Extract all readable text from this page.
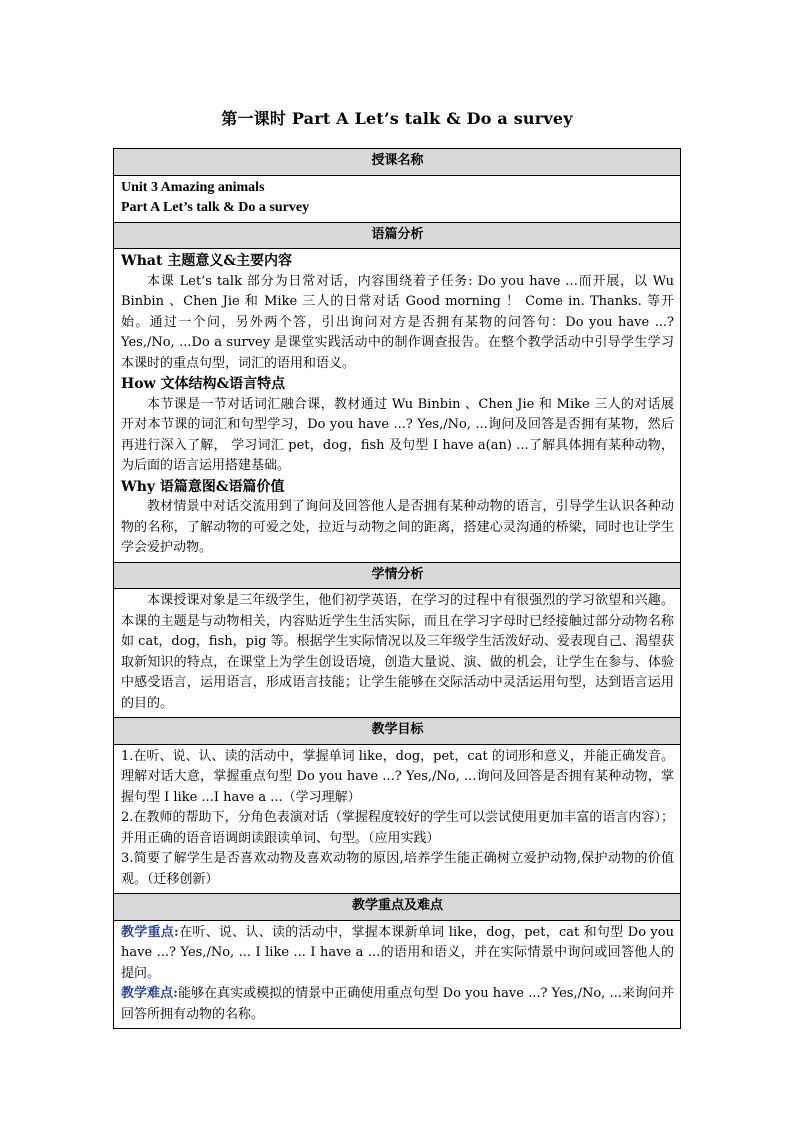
第一课时 Part A Let’s talk & Do a survey
授课名称

Unit 3 Amazing animals
Part A Let’s talk & Do a survey

语篇分析

What 主题意义&主要内容
本课 Let’s talk 部分为日常对话，内容围绕着子任务: Do you have ...而开展，以 Wu Binbin 、Chen Jie 和 Mike 三人的日常对话 Good morning ！ Come in. Thanks. 等开始。通过一个问，另外两个答，引出询问对方是否拥有某物的问答句：Do you have ...? Yes,/No, ...Do a survey 是课堂实践活动中的制作调查报告。在整个教学活动中引导学生学习本课时的重点句型，词汇的语用和语义。
How 文体结构&语言特点
本节课是一节对话词汇融合课，教材通过 Wu Binbin 、Chen Jie 和 Mike 三人的对话展开对本节课的词汇和句型学习，Do you have ...? Yes,/No, ...询问及回答是否拥有某物，然后再进行深入了解， 学习词汇 pet，dog，fish 及句型 I have a(an) ...了解具体拥有某种动物，为后面的语言运用搭建基础。
Why 语篇意图&语篇价值
教材情景中对话交流用到了询问及回答他人是否拥有某种动物的语言，引导学生认识各种动物的名称，了解动物的可爱之处，拉近与动物之间的距离，搭建心灵沟通的桥梁，同时也让学生学会爱护动物。

学情分析

本课授课对象是三年级学生，他们初学英语，在学习的过程中有很强烈的学习欲望和兴趣。本课的主题是与动物相关，内容贴近学生生活实际，而且在学习字母时已经接触过部分动物名称如 cat，dog，fish，pig 等。根据学生实际情况以及三年级学生活泼好动、爱表现自己、渴望获取新知识的特点，在课堂上为学生创设语境，创造大量说、演、做的机会，让学生在参与、体验中感受语言，运用语言，形成语言技能；让学生能够在交际活动中灵活运用句型，达到语言运用的目的。

教学目标

1.在听、说、认、读的活动中，掌握单词 like，dog，pet，cat 的词形和意义，并能正确发音。理解对话大意，掌握重点句型 Do you have ...? Yes,/No, ...询问及回答是否拥有某种动物，掌握句型 I like ...I have a ...（学习理解）
2.在教师的帮助下，分角色表演对话（掌握程度较好的学生可以尝试使用更加丰富的语言内容）；并用正确的语音语调朗读跟读单词、句型。（应用实践）
3.简要了解学生是否喜欢动物及喜欢动物的原因,培养学生能正确树立爱护动物,保护动物的价值观。（迁移创新）

教学重点及难点

教学重点:在听、说、认、读的活动中，掌握本课新单词 like，dog，pet，cat 和句型 Do you have ...? Yes,/No, ... I like ... I have a ...的语用和语义，并在实际情景中询问或回答他人的提问。
教学难点:能够在真实或模拟的情景中正确使用重点句型 Do you have ...? Yes,/No, ...来询问并回答所拥有动物的名称。
